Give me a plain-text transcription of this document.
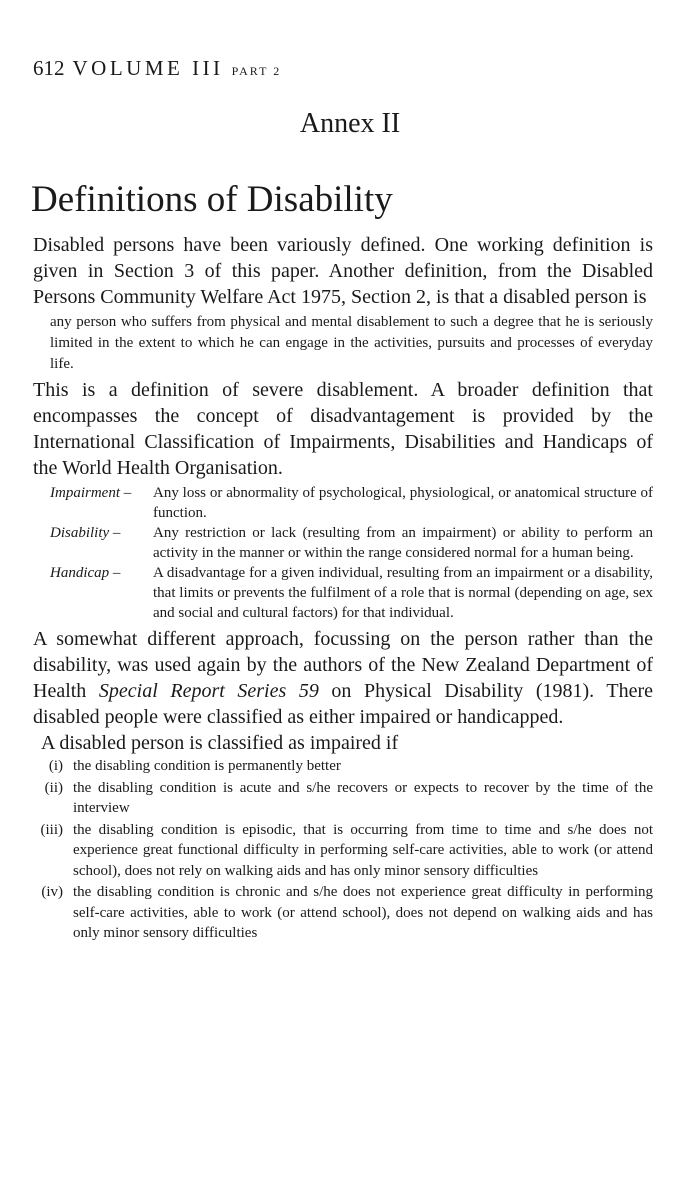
612 VOLUME III PART 2
Annex II
Definitions of Disability

Disabled persons have been variously defined. One working definition is given in Section 3 of this paper. Another definition, from the Disabled Persons Community Welfare Act 1975, Section 2, is that a disabled person is

any person who suffers from physical and mental disablement to such a degree that he is seriously limited in the extent to which he can engage in the activities, pursuits and processes of everyday life.

This is a definition of severe disablement. A broader definition that encompasses the concept of disadvantagement is provided by the International Classification of Impairments, Disabilities and Handicaps of the World Health Organisation.

Impairment –	Any loss or abnormality of psychological, physiological, or anatomical structure of function.
Disability –	Any restriction or lack (resulting from an impairment) or ability to perform an activity in the manner or within the range considered normal for a human being.
Handicap –	A disadvantage for a given individual, resulting from an impairment or a disability, that limits or prevents the fulfilment of a role that is normal (depending on age, sex and social and cultural factors) for that individual.

A somewhat different approach, focussing on the person rather than the disability, was used again by the authors of the New Zealand Department of Health Special Report Series 59 on Physical Disability (1981). There disabled people were classified as either impaired or handicapped.

A disabled person is classified as impaired if
(i) the disabling condition is permanently better
(ii) the disabling condition is acute and s/he recovers or expects to recover by the time of the interview
(iii) the disabling condition is episodic, that is occurring from time to time and s/he does not experience great functional difficulty in performing self-care activities, able to work (or attend school), does not rely on walking aids and has only minor sensory difficulties
(iv) the disabling condition is chronic and s/he does not experience great difficulty in performing self-care activities, able to work (or attend school), does not depend on walking aids and has only minor sensory difficulties
